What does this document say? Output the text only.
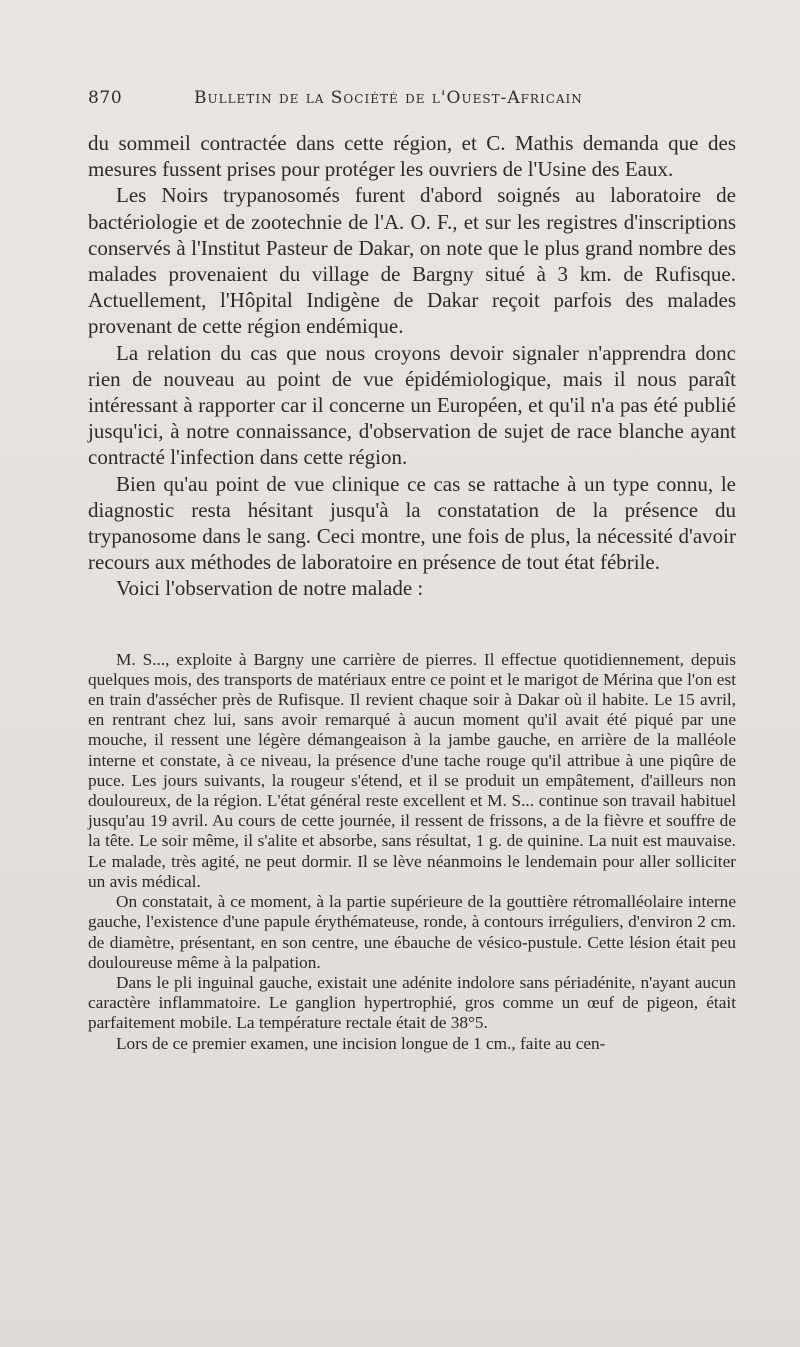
870	Bulletin de la Société de l'Ouest-Africain

du sommeil contractée dans cette région, et C. Mathis demanda que des mesures fussent prises pour protéger les ouvriers de l'Usine des Eaux.

Les Noirs trypanosomés furent d'abord soignés au laboratoire de bactériologie et de zootechnie de l'A. O. F., et sur les registres d'inscriptions conservés à l'Institut Pasteur de Dakar, on note que le plus grand nombre des malades provenaient du village de Bargny situé à 3 km. de Rufisque. Actuellement, l'Hôpital Indigène de Dakar reçoit parfois des malades provenant de cette région endémique.

La relation du cas que nous croyons devoir signaler n'apprendra donc rien de nouveau au point de vue épidémiologique, mais il nous paraît intéressant à rapporter car il concerne un Européen, et qu'il n'a pas été publié jusqu'ici, à notre connaissance, d'observation de sujet de race blanche ayant contracté l'infection dans cette région.

Bien qu'au point de vue clinique ce cas se rattache à un type connu, le diagnostic resta hésitant jusqu'à la constatation de la présence du trypanosome dans le sang. Ceci montre, une fois de plus, la nécessité d'avoir recours aux méthodes de laboratoire en présence de tout état fébrile.

Voici l'observation de notre malade :

M. S..., exploite à Bargny une carrière de pierres. Il effectue quotidiennement, depuis quelques mois, des transports de matériaux entre ce point et le marigot de Mérina que l'on est en train d'assécher près de Rufisque. Il revient chaque soir à Dakar où il habite. Le 15 avril, en rentrant chez lui, sans avoir remarqué à aucun moment qu'il avait été piqué par une mouche, il ressent une légère démangeaison à la jambe gauche, en arrière de la malléole interne et constate, à ce niveau, la présence d'une tache rouge qu'il attribue à une piqûre de puce. Les jours suivants, la rougeur s'étend, et il se produit un empâtement, d'ailleurs non douloureux, de la région. L'état général reste excellent et M. S... continue son travail habituel jusqu'au 19 avril. Au cours de cette journée, il ressent de frissons, a de la fièvre et souffre de la tête. Le soir même, il s'alite et absorbe, sans résultat, 1 g. de quinine. La nuit est mauvaise. Le malade, très agité, ne peut dormir. Il se lève néanmoins le lendemain pour aller solliciter un avis médical.

On constatait, à ce moment, à la partie supérieure de la gouttière rétromalléolaire interne gauche, l'existence d'une papule érythémateuse, ronde, à contours irréguliers, d'environ 2 cm. de diamètre, présentant, en son centre, une ébauche de vésico-pustule. Cette lésion était peu douloureuse même à la palpation.

Dans le pli inguinal gauche, existait une adénite indolore sans périadénite, n'ayant aucun caractère inflammatoire. Le ganglion hypertrophié, gros comme un œuf de pigeon, était parfaitement mobile. La température rectale était de 38°5.

Lors de ce premier examen, une incision longue de 1 cm., faite au cen-
